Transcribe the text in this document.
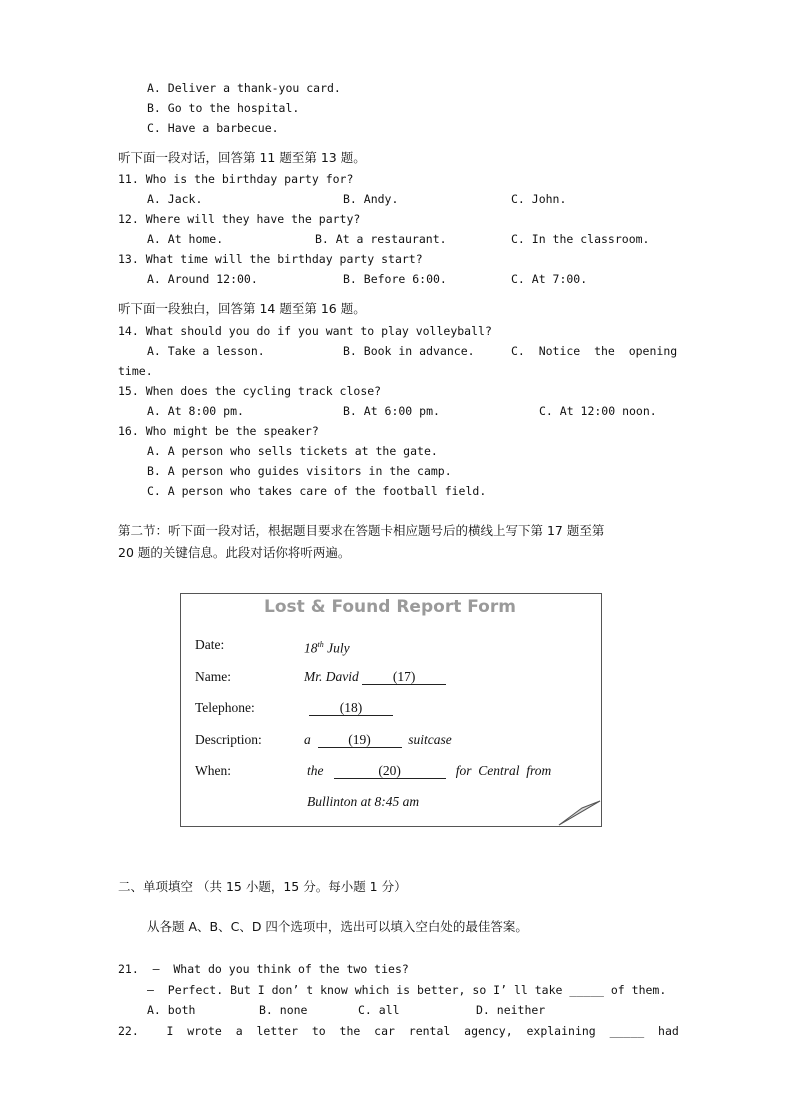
A. Deliver a thank-you card.
B. Go to the hospital.
C. Have a barbecue.
听下面一段对话，回答第 11 题至第 13 题。
11. Who is the birthday party for?
A. Jack.	B. Andy.	C. John.
12. Where will they have the party?
A. At home.	B. At a restaurant.	C. In the classroom.
13. What time will the birthday party start?
A. Around 12:00.	B. Before 6:00.	C. At 7:00.
听下面一段独白，回答第 14 题至第 16 题。
14. What should you do if you want to play volleyball?
A. Take a lesson.	B. Book in advance.	C.  Notice  the  opening
time.
15. When does the cycling track close?
A. At 8:00 pm.	B. At 6:00 pm.	C. At 12:00 noon.
16. Who might be the speaker?
A. A person who sells tickets at the gate.
B. A person who guides visitors in the camp.
C. A person who takes care of the football field.
第二节：听下面一段对话，根据题目要求在答题卡相应题号后的横线上写下第 17 题至第
20 题的关键信息。此段对话你将听两遍。
Lost & Found Report Form
Date:	18th July
Name:	Mr. David	(17)
Telephone:	(18)
Description:	a	(19)	suitcase
When:	the	(20)	for  Central  from
Bullinton at 8:45 am
二、单项填空 （共 15 小题，15 分。每小题 1 分）
从各题 A、B、C、D 四个选项中，选出可以填入空白处的最佳答案。
21.  –  What do you think of the two ties?
–  Perfect. But I don’ t know which is better, so I’ ll take _____ of them.
A. both	B. none	C. all	D. neither
22.    I  wrote  a  letter  to  the  car  rental  agency,  explaining  _____  had
